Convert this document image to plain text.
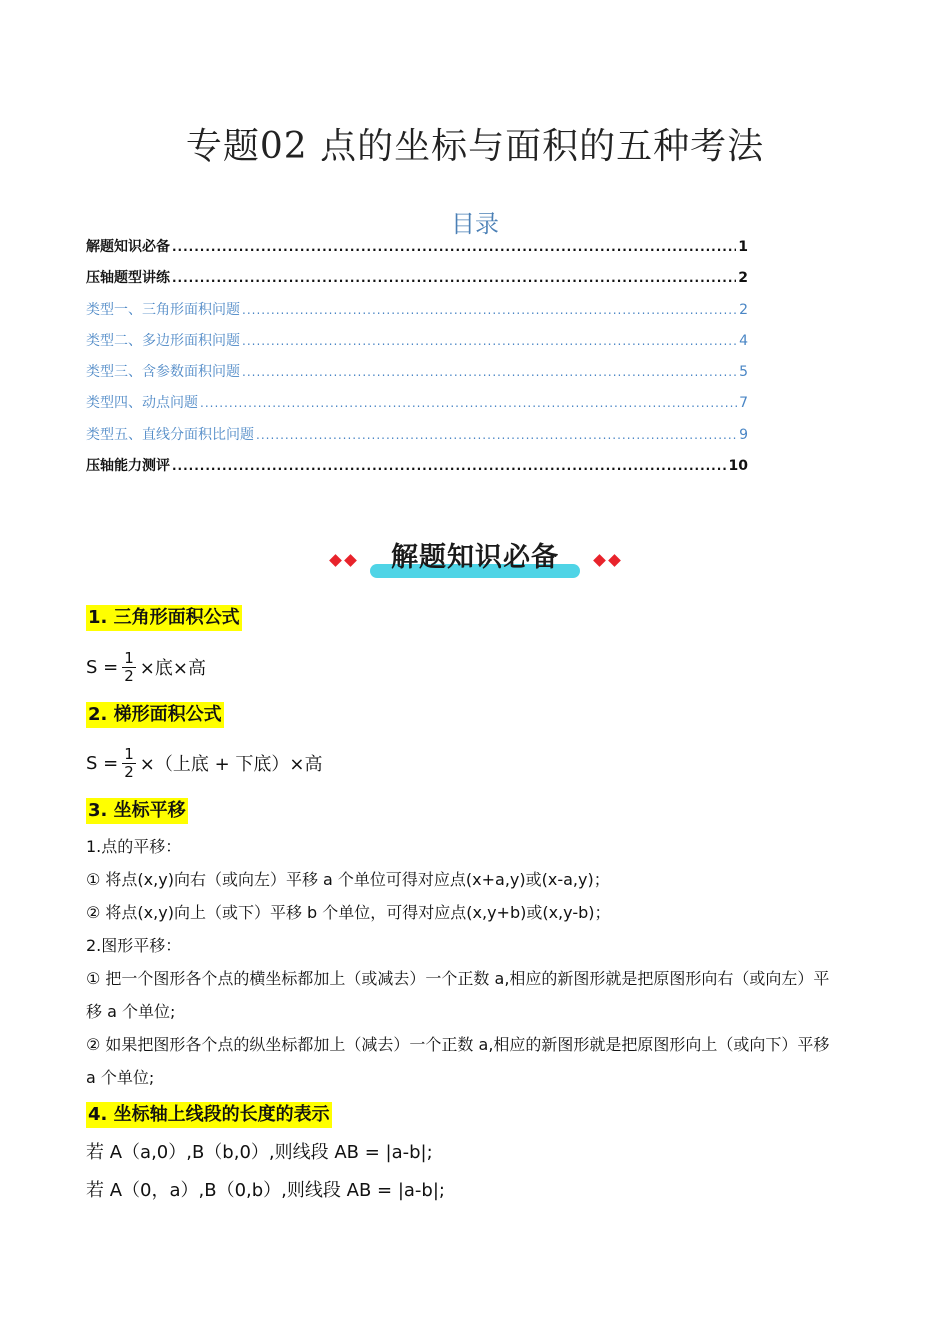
专题02 点的坐标与面积的五种考法
目录
解题知识必备 .....	1
压轴题型讲练 .....	2
类型一、三角形面积问题 .....	2
类型二、多边形面积问题 .....	4
类型三、含参数面积问题 .....	5
类型四、动点问题 .....	7
类型五、直线分面积比问题 .....	9
压轴能力测评 .....	10
解题知识必备
1. 三角形面积公式
$S = \frac{1}{2}$ ×底×高
2. 梯形面积公式
$S = \frac{1}{2}$ ×（上底 + 下底）×高
3. 坐标平移
1.点的平移：
① 将点(x,y)向右（或向左）平移 a 个单位可得对应点(x+a,y)或(x-a,y)；
② 将点(x,y)向上（或下）平移 b 个单位，可得对应点(x,y+b)或(x,y-b)；
2.图形平移：
① 把一个图形各个点的横坐标都加上（或减去）一个正数 a,相应的新图形就是把原图形向右（或向左）平
移 a 个单位;
② 如果把图形各个点的纵坐标都加上（减去）一个正数 a,相应的新图形就是把原图形向上（或向下）平移
a 个单位;
4. 坐标轴上线段的长度的表示
若 A（a,0）,B（b,0）,则线段 AB = |a-b|;
若 A（0，a）,B（0,b）,则线段 AB = |a-b|;
